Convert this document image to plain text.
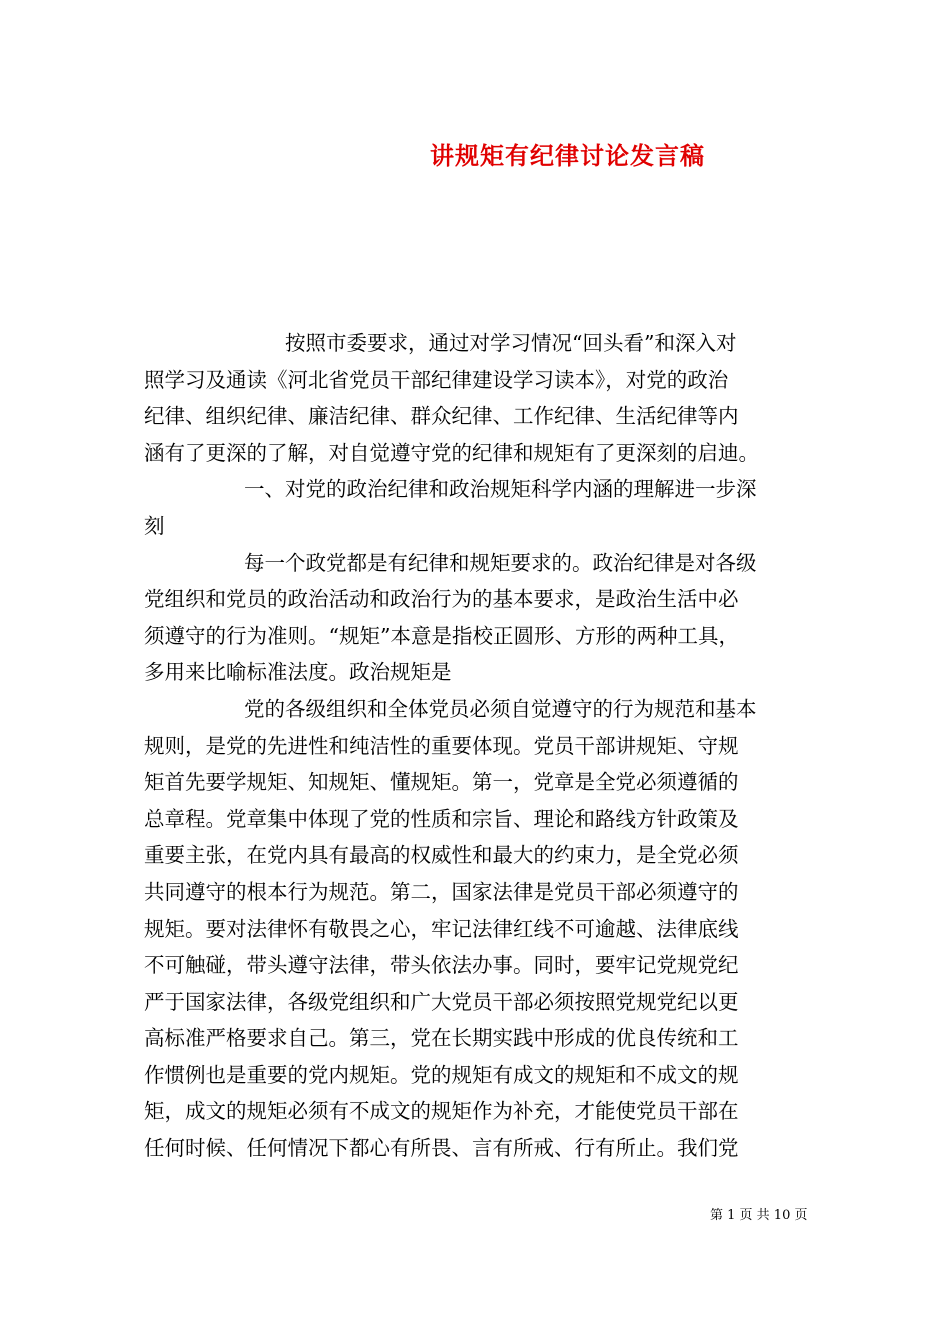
讲规矩有纪律讨论发言稿
按照市委要求，通过对学习情况“回头看”和深入对
照学习及通读《河北省党员干部纪律建设学习读本》，对党的政治
纪律、组织纪律、廉洁纪律、群众纪律、工作纪律、生活纪律等内
涵有了更深的了解，对自觉遵守党的纪律和规矩有了更深刻的启迪。
一、对党的政治纪律和政治规矩科学内涵的理解进一步深
刻
每一个政党都是有纪律和规矩要求的。政治纪律是对各级
党组织和党员的政治活动和政治行为的基本要求，是政治生活中必
须遵守的行为准则。“规矩”本意是指校正圆形、方形的两种工具，
多用来比喻标准法度。政治规矩是
党的各级组织和全体党员必须自觉遵守的行为规范和基本
规则，是党的先进性和纯洁性的重要体现。党员干部讲规矩、守规
矩首先要学规矩、知规矩、懂规矩。第一，党章是全党必须遵循的
总章程。党章集中体现了党的性质和宗旨、理论和路线方针政策及
重要主张，在党内具有最高的权威性和最大的约束力，是全党必须
共同遵守的根本行为规范。第二，国家法律是党员干部必须遵守的
规矩。要对法律怀有敬畏之心，牢记法律红线不可逾越、法律底线
不可触碰，带头遵守法律，带头依法办事。同时，要牢记党规党纪
严于国家法律，各级党组织和广大党员干部必须按照党规党纪以更
高标准严格要求自己。第三，党在长期实践中形成的优良传统和工
作惯例也是重要的党内规矩。党的规矩有成文的规矩和不成文的规
矩，成文的规矩必须有不成文的规矩作为补充，才能使党员干部在
任何时候、任何情况下都心有所畏、言有所戒、行有所止。我们党
第 1 页 共 10 页
